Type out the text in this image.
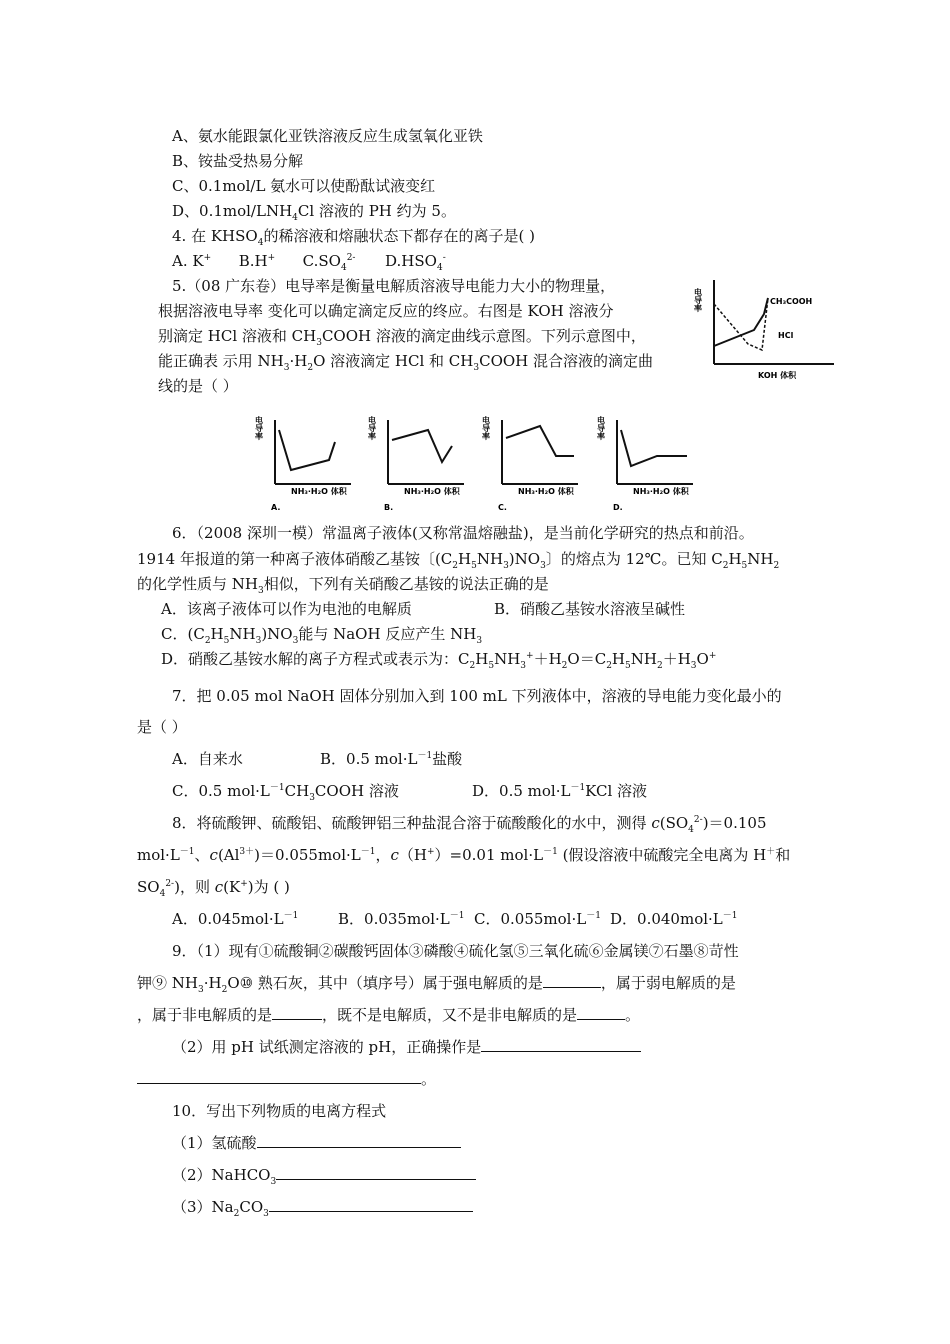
A、氨水能跟氯化亚铁溶液反应生成氢氧化亚铁
B、铵盐受热易分解
C、0.1mol/L 氨水可以使酚酞试液变红
D、$0.1mol/LNH_4Cl$ 溶液的 PH 约为 5。
4. 在 $KHSO_4$的稀溶液和熔融状态下都存在的离子是( )
A. K+ B.H+ $C.SO_4^{2-}$ $D.HSO_4^-$
5.（08 广东卷）电导率是衡量电解质溶液导电能力大小的物理量，
根据溶液电导率 变化可以确定滴定反应的终应。右图是 KOH 溶液分
别滴定 HCl 溶液和 $CH_3COOH$ 溶液的滴定曲线示意图。下列示意图中，
能正确表 示用 $NH_3\cdot H_2O$ 溶液滴定 HCl 和 $CH_3COOH$ 混合溶液的滴定曲
线的是（ ）
电导率	CH₃COOH
HCl
KOH 体积
电导率
NH₃·H₂O 体积
A.
电导率
NH₃·H₂O 体积
B.
电导率
NH₃·H₂O 体积
C.
电导率
NH₃·H₂O 体积
D.
6．（2008 深圳一模）常温离子液体(又称常温熔融盐)，是当前化学研究的热点和前沿。
1914 年报道的第一种离子液体硝酸乙基铵〔$(C_2H_5NH_3)NO_3$〕的熔点为 12℃。已知 $C_2H_5NH_2$
的化学性质与 $NH_3$相似，下列有关硝酸乙基铵的说法正确的是
A．该离子液体可以作为电池的电解质	B．硝酸乙基铵水溶液呈碱性
C．$(C_2H_5NH_3)NO_3$能与 NaOH 反应产生 $NH_3$
D．硝酸乙基铵水解的离子方程式或表示为：$C_2H_5NH_3^++H_2O=C_2H_5NH_2+H_3O^+$
7．把 0.05 mol NaOH 固体分别加入到 100 mL 下列液体中，溶液的导电能力变化最小的
是（ ）
A．自来水	B．0.5 $mol\cdot L^{-1}$盐酸
C．0.5 $mol\cdot L^{-1}CH_3COOH$ 溶液	D．0.5 $mol\cdot L^{-1}KCl$ 溶液
8．将硫酸钾、硫酸铝、硫酸钾铝三种盐混合溶于硫酸酸化的水中，测得 $c(SO_4^{2-})=0.105$
$mol\cdot L^{-1}$、$c(Al^{3+})=0.055mol\cdot L^{-1}$，c（H+）=0.01 $mol\cdot L^{-1}$ (假设溶液中硫酸完全电离为 H＋和
$SO_4^{2-}$)，则 c(K+)为 ( )
A．$0.045mol\cdot L^{-1}$	B．$0.035mol\cdot L^{-1}$ C．$0.055mol\cdot L^{-1}$ D．$0.040mol\cdot L^{-1}$
9．（1）现有①硫酸铜②碳酸钙固体③磷酸④硫化氢⑤三氧化硫⑥金属镁⑦石墨⑧苛性
钾⑨ $NH_3\cdot H_2O⑩$ 熟石灰，其中（填序号）属于强电解质的是	，属于弱电解质的是
，属于非电解质的是	，既不是电解质，又不是非电解质的是	。
（2）用 pH 试纸测定溶液的 pH，正确操作是
。
10．写出下列物质的电离方程式
（1）氢硫酸
（2）NaHCO$_3$
$(3)Na_2CO_3$
